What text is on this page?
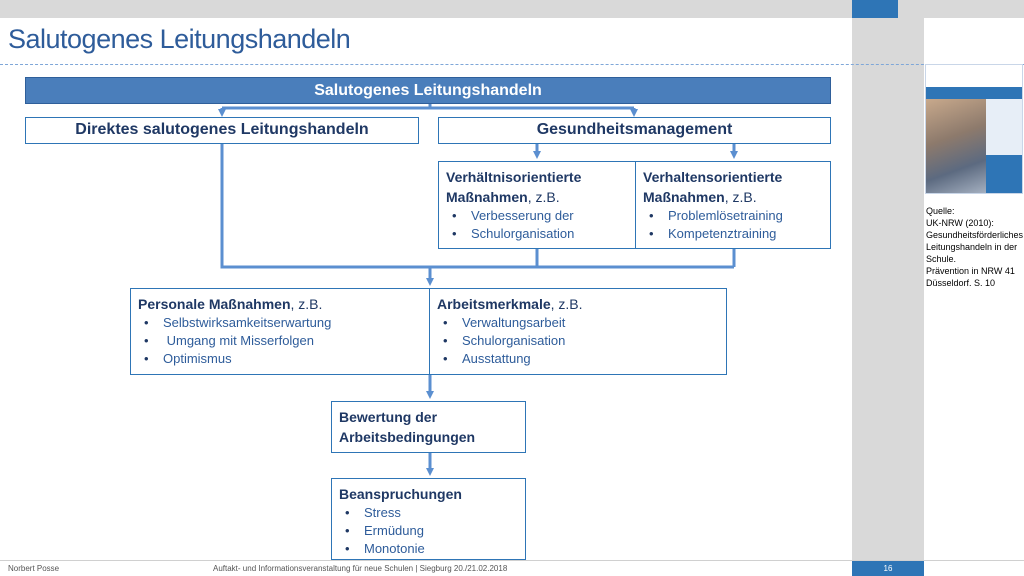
Salutogenes Leitungshandeln
Salutogenes Leitungshandeln
Direktes salutogenes Leitungshandeln	Gesundheitsmanagement
Verhältnisorientierte
Maßnahmen, z.B.
• Verbesserung der
• Schulorganisation
Verhaltensorientierte
Maßnahmen, z.B.
• Problemlösetraining
• Kompetenztraining
Personale Maßnahmen, z.B.
• Selbstwirksamkeitserwartung
•  Umgang mit Misserfolgen
• Optimismus
Arbeitsmerkmale, z.B.
• Verwaltungsarbeit
• Schulorganisation
• Ausstattung
Bewertung der
Arbeitsbedingungen
Beanspruchungen
• Stress
• Ermüdung
• Monotonie
Quelle:
UK-NRW (2010):
Gesundheitsförderliches
Leitungshandeln in der
Schule.
Prävention in NRW 41
Düsseldorf. S. 10
Norbert Posse	Auftakt- und Informationsveranstaltung für neue Schulen | Siegburg 20./21.02.2018	16
